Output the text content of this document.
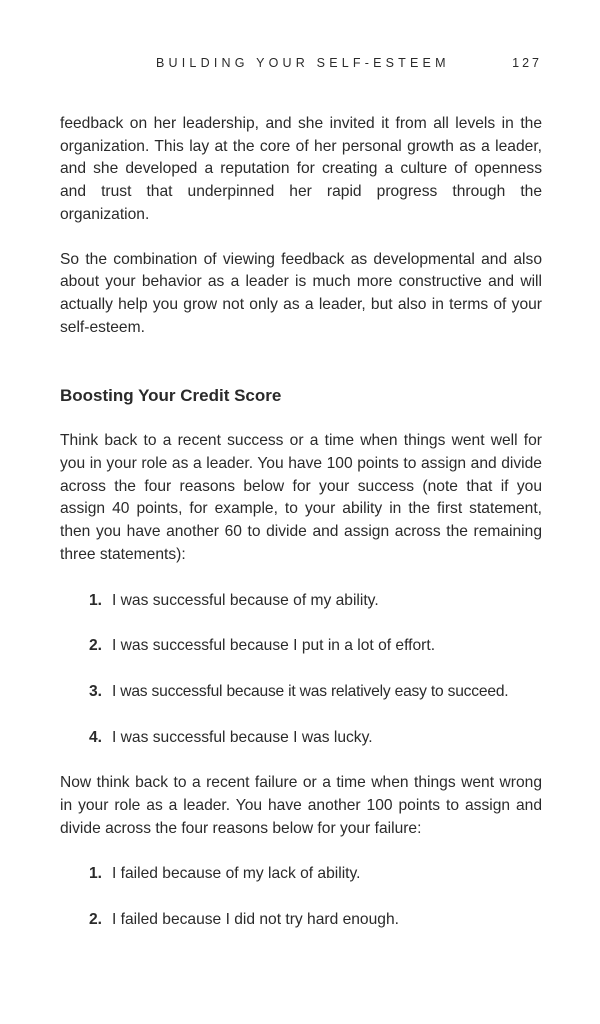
BUILDING YOUR SELF-ESTEEM	127

feedback on her leadership, and she invited it from all levels in the organization. This lay at the core of her personal growth as a leader, and she developed a reputation for creating a culture of openness and trust that underpinned her rapid progress through the organization.

So the combination of viewing feedback as developmental and also about your behavior as a leader is much more constructive and will actually help you grow not only as a leader, but also in terms of your self-esteem.

Boosting Your Credit Score

Think back to a recent success or a time when things went well for you in your role as a leader. You have 100 points to assign and divide across the four reasons below for your success (note that if you assign 40 points, for example, to your ability in the first statement, then you have another 60 to divide and assign across the remaining three statements):

1. I was successful because of my ability.
2. I was successful because I put in a lot of effort.
3. I was successful because it was relatively easy to succeed.
4. I was successful because I was lucky.

Now think back to a recent failure or a time when things went wrong in your role as a leader. You have another 100 points to assign and divide across the four reasons below for your failure:

1. I failed because of my lack of ability.
2. I failed because I did not try hard enough.
